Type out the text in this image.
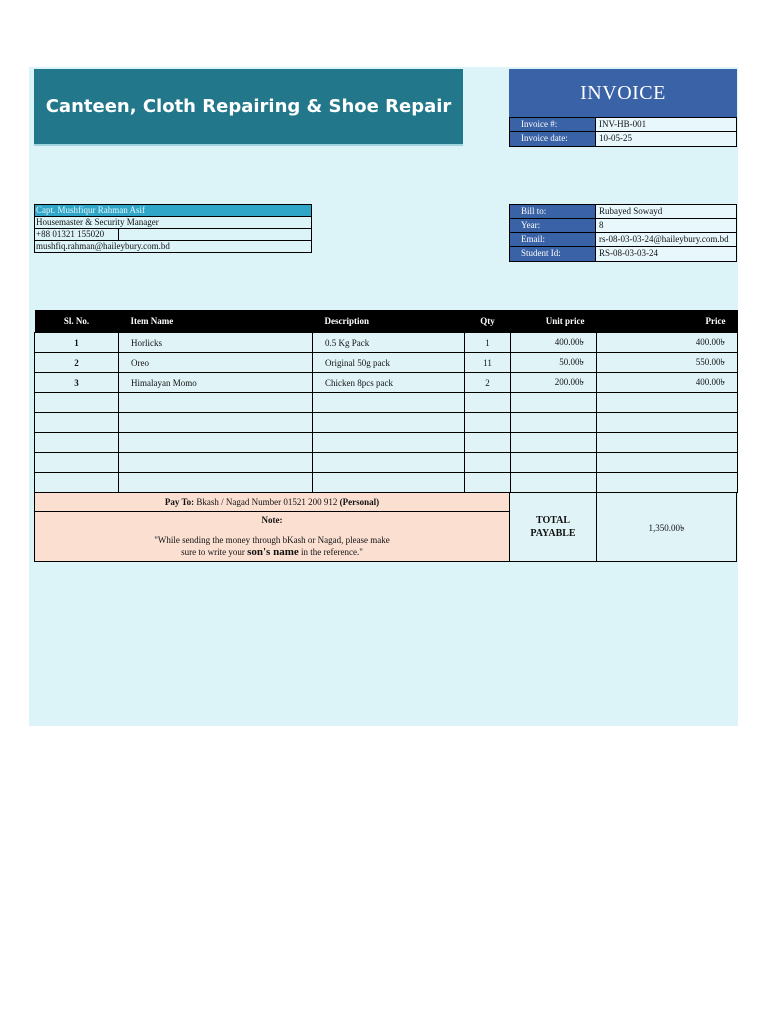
Canteen, Cloth Repairing & Shoe Repair
INVOICE
Invoice #:	INV-HB-001
Invoice date:	10-05-25
Capt. Mushfiqur Rahman Asif
Housemaster & Security Manager
+88 01321 155020
mushfiq.rahman@haileybury.com.bd
Bill to:	Rubayed Sowayd
Year:	8
Email:	rs-08-03-03-24@haileybury.com.bd
Student Id:	RS-08-03-03-24
Sl. No.	Item Name	Description	Qty	Unit price	Price
1	Horlicks	0.5 Kg Pack	1	400.00৳	400.00৳
2	Oreo	Original 50g pack	11	50.00৳	550.00৳
3	Himalayan Momo	Chicken 8pcs pack	2	200.00৳	400.00৳

Pay To: Bkash / Nagad Number 01521 200 912 (Personal)
Note:
"While sending the money through bKash or Nagad, please make
sure to write your son's name in the reference."
TOTAL PAYABLE	1,350.00৳
